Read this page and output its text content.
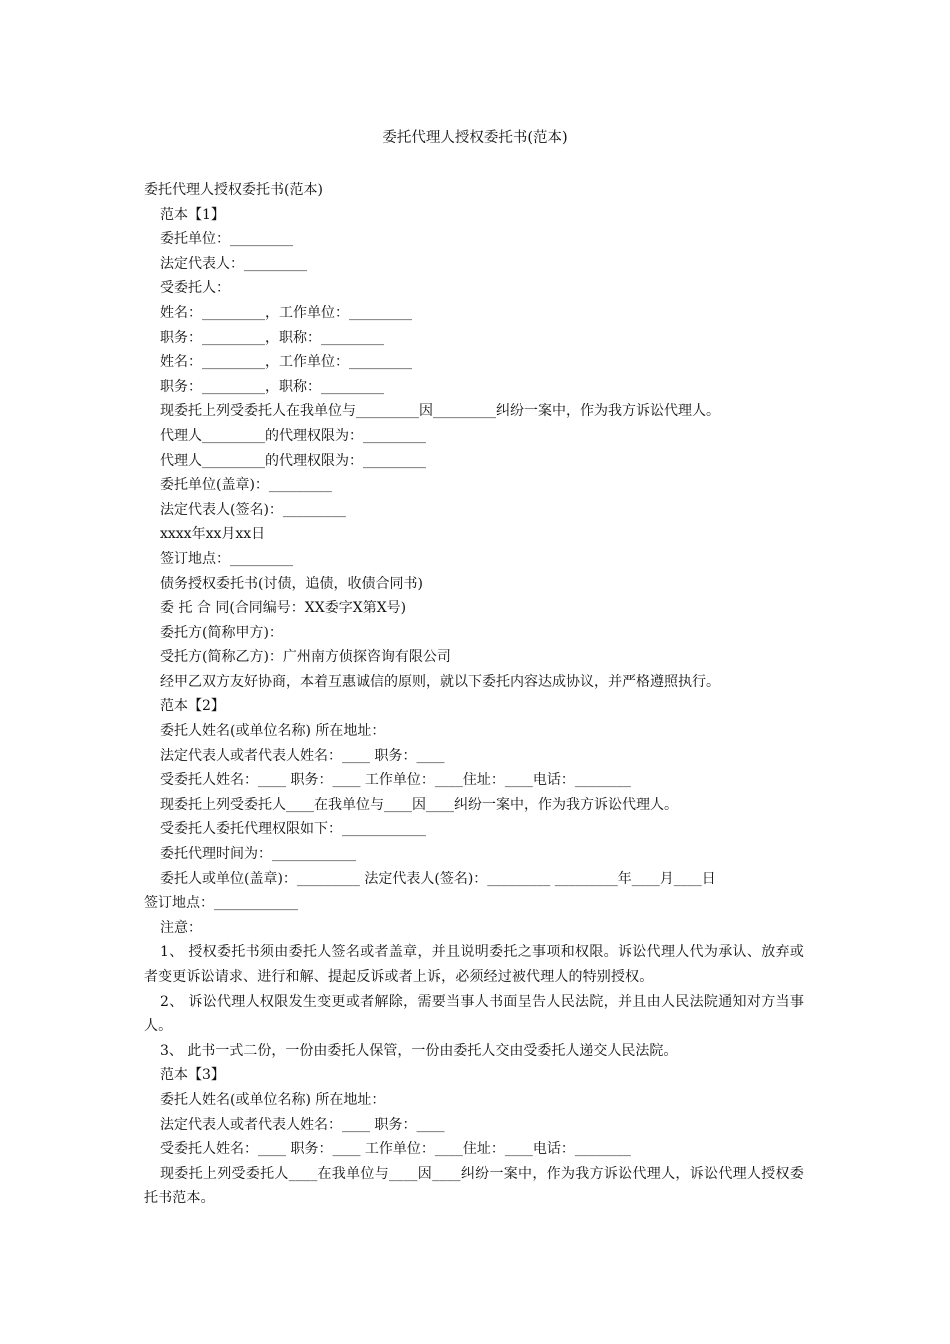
委托代理人授权委托书(范本)
委托代理人授权委托书(范本)
范本【1】
委托单位：_________
法定代表人：_________
受委托人：
姓名：_________，工作单位：_________
职务：_________，职称：_________
姓名：_________，工作单位：_________
职务：_________，职称：_________
现委托上列受委托人在我单位与_________因_________纠纷一案中，作为我方诉讼代理人。
代理人_________的代理权限为：_________
代理人_________的代理权限为：_________
委托单位(盖章)：_________
法定代表人(签名)：_________
xxxx年xx月xx日
签订地点：_________
债务授权委托书(讨债，追债，收债合同书)
委 托 合 同(合同编号：XX委字X第X号)
委托方(简称甲方)：
受托方(简称乙方)：广州南方侦探咨询有限公司
经甲乙双方友好协商，本着互惠诚信的原则，就以下委托内容达成协议，并严格遵照执行。
范本【2】
委托人姓名(或单位名称) 所在地址：
法定代表人或者代表人姓名：____ 职务：____
受委托人姓名：____ 职务：____ 工作单位：____住址：____电话：________
现委托上列受委托人____在我单位与____因____纠纷一案中，作为我方诉讼代理人。
受委托人委托代理权限如下：____________
委托代理时间为：____________
委托人或单位(盖章)：_________ 法定代表人(签名)：_________ _________年____月____日
签订地点：____________
注意：
1、 授权委托书须由委托人签名或者盖章，并且说明委托之事项和权限。诉讼代理人代为承认、放弃或者变更诉讼请求、进行和解、提起反诉或者上诉，必须经过被代理人的特别授权。
2、 诉讼代理人权限发生变更或者解除，需要当事人书面呈告人民法院，并且由人民法院通知对方当事人。
3、 此书一式二份，一份由委托人保管，一份由委托人交由受委托人递交人民法院。
范本【3】
委托人姓名(或单位名称) 所在地址：
法定代表人或者代表人姓名：____ 职务：____
受委托人姓名：____ 职务：____ 工作单位：____住址：____电话：________
现委托上列受委托人____在我单位与____因____纠纷一案中，作为我方诉讼代理人，诉讼代理人授权委托书范本。
